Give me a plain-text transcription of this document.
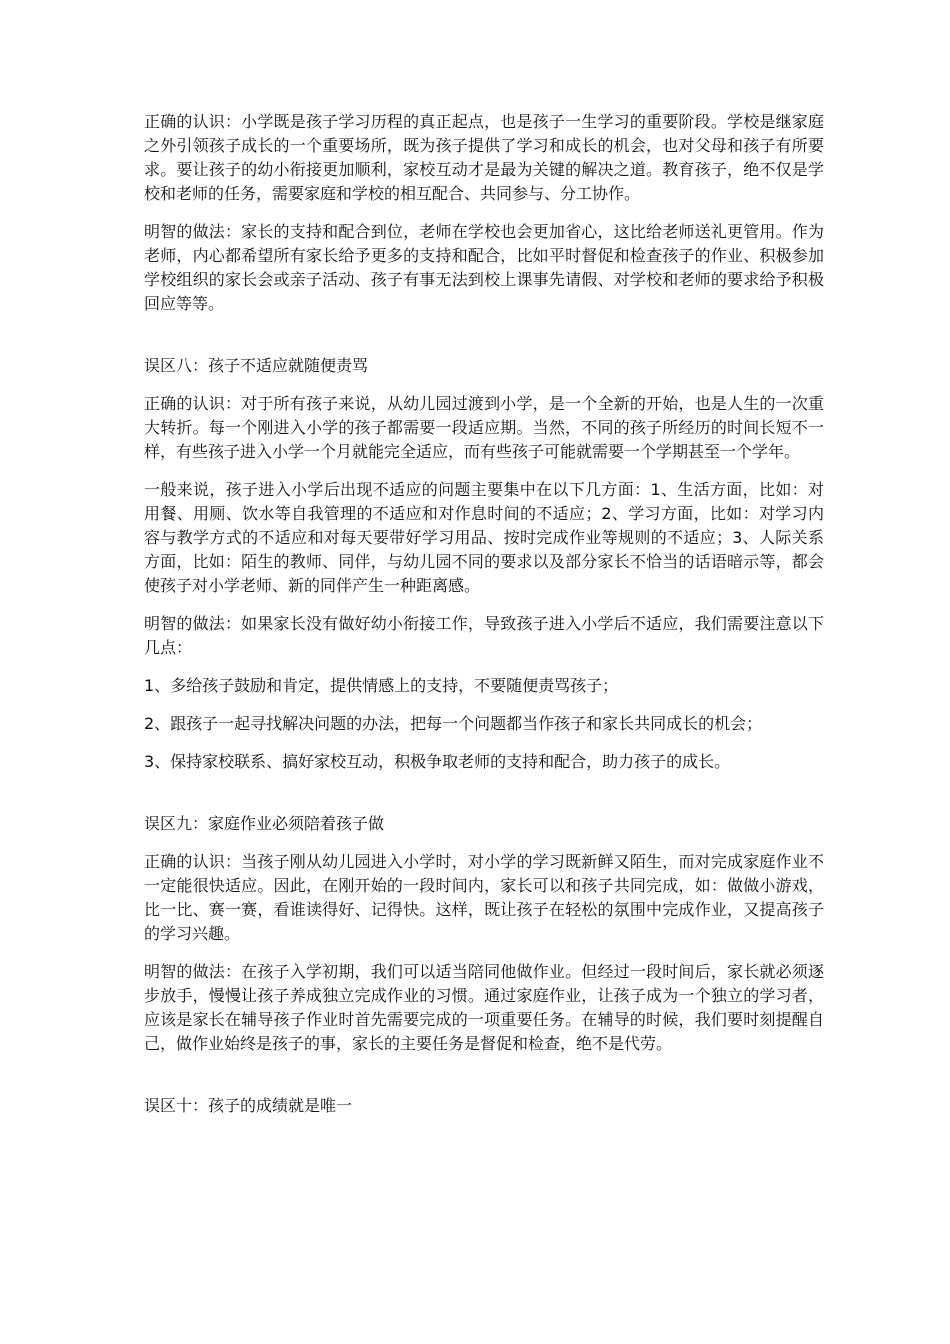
正确的认识：小学既是孩子学习历程的真正起点，也是孩子一生学习的重要阶段。学校是继家庭之外引领孩子成长的一个重要场所，既为孩子提供了学习和成长的机会，也对父母和孩子有所要求。要让孩子的幼小衔接更加顺利，家校互动才是最为关键的解决之道。教育孩子，绝不仅是学校和老师的任务，需要家庭和学校的相互配合、共同参与、分工协作。

明智的做法：家长的支持和配合到位，老师在学校也会更加省心，这比给老师送礼更管用。作为老师，内心都希望所有家长给予更多的支持和配合，比如平时督促和检查孩子的作业、积极参加学校组织的家长会或亲子活动、孩子有事无法到校上课事先请假、对学校和老师的要求给予积极回应等等。

误区八：孩子不适应就随便责骂

正确的认识：对于所有孩子来说，从幼儿园过渡到小学，是一个全新的开始，也是人生的一次重大转折。每一个刚进入小学的孩子都需要一段适应期。当然，不同的孩子所经历的时间长短不一样，有些孩子进入小学一个月就能完全适应，而有些孩子可能就需要一个学期甚至一个学年。

一般来说，孩子进入小学后出现不适应的问题主要集中在以下几方面：1、生活方面，比如：对用餐、用厕、饮水等自我管理的不适应和对作息时间的不适应；2、学习方面，比如：对学习内容与教学方式的不适应和对每天要带好学习用品、按时完成作业等规则的不适应；3、人际关系方面，比如：陌生的教师、同伴，与幼儿园不同的要求以及部分家长不恰当的话语暗示等，都会使孩子对小学老师、新的同伴产生一种距离感。

明智的做法：如果家长没有做好幼小衔接工作，导致孩子进入小学后不适应，我们需要注意以下几点：

1、多给孩子鼓励和肯定，提供情感上的支持，不要随便责骂孩子；

2、跟孩子一起寻找解决问题的办法，把每一个问题都当作孩子和家长共同成长的机会；

3、保持家校联系、搞好家校互动，积极争取老师的支持和配合，助力孩子的成长。

误区九：家庭作业必须陪着孩子做

正确的认识：当孩子刚从幼儿园进入小学时，对小学的学习既新鲜又陌生，而对完成家庭作业不一定能很快适应。因此，在刚开始的一段时间内，家长可以和孩子共同完成，如：做做小游戏，比一比、赛一赛，看谁读得好、记得快。这样，既让孩子在轻松的氛围中完成作业，又提高孩子的学习兴趣。

明智的做法：在孩子入学初期，我们可以适当陪同他做作业。但经过一段时间后，家长就必须逐步放手，慢慢让孩子养成独立完成作业的习惯。通过家庭作业，让孩子成为一个独立的学习者，应该是家长在辅导孩子作业时首先需要完成的一项重要任务。在辅导的时候，我们要时刻提醒自己，做作业始终是孩子的事，家长的主要任务是督促和检查，绝不是代劳。

误区十：孩子的成绩就是唯一
